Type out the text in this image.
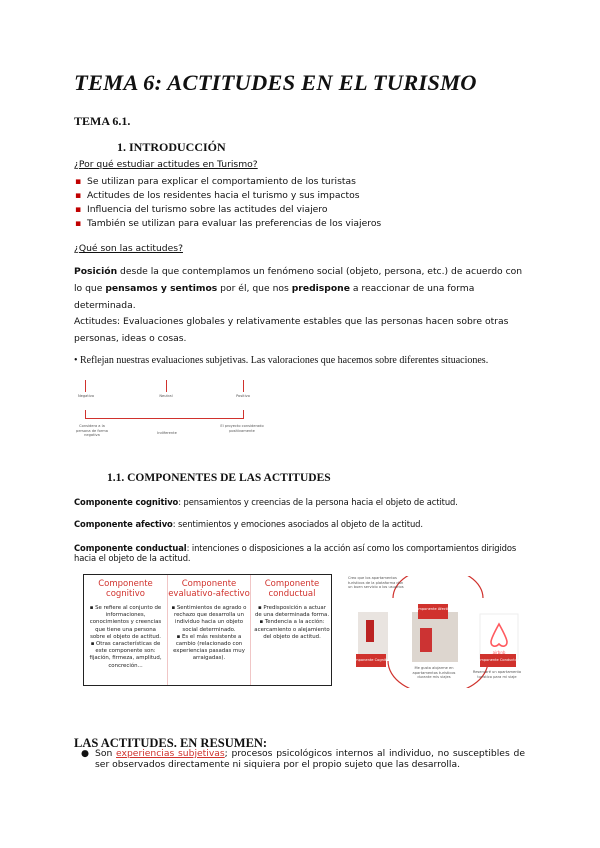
TEMA 6: ACTITUDES EN EL TURISMO
TEMA 6.1.
1. INTRODUCCIÓN
¿Por qué estudiar actitudes en Turismo?
▪ Se utilizan para explicar el comportamiento de los turistas
▪ Actitudes de los residentes hacia el turismo y sus impactos
▪ Influencia del turismo sobre las actitudes del viajero
▪ También se utilizan para evaluar las preferencias de los viajeros
¿Qué son las actitudes?
Posición desde la que contemplamos un fenómeno social (objeto, persona, etc.) de acuerdo con lo que pensamos y sentimos por él, que nos predispone a reaccionar de una forma determinada.
Actitudes: Evaluaciones globales y relativamente estables que las personas hacen sobre otras personas, ideas o cosas.
• Reflejan nuestras evaluaciones subjetivas. Las valoraciones que hacemos sobre diferentes situaciones.
Negativo	Neutral	Positivo
Considera a la persona de forma negativa	Indiferente
El proyecto considerado positivamente
1.1. COMPONENTES DE LAS ACTITUDES
Componente cognitivo: pensamientos y creencias de la persona hacia el objeto de actitud.
Componente afectivo: sentimientos y emociones asociados al objeto de la actitud.
Componente conductual: intenciones o disposiciones a la acción así como los comportamientos dirigidos hacia el objeto de la actitud.
Componente cognitivo
▪ Se refiere al conjunto de informaciones, conocimientos y creencias que tiene una persona sobre el objeto de actitud.
▪ Otras características de este componente son: fijación, firmeza, amplitud, concreción...
Componente evaluativo-afectivo
▪ Sentimientos de agrado o rechazo que desarrolla un individuo hacia un objeto social determinado.
▪ Es el más resistente a cambio (relacionado con experiencias pasadas muy arraigadas).
Componente conductual
▪ Predisposición a actuar de una determinada forma.
▪ Tendencia a la acción: acercamiento o alejamiento del objeto de actitud.
Componente Afectivo
Componente Cognitivo	Componente Conductual
airbnb
Creo que los apartamentos turísticos de la plataforma dan un buen servicio a los usuarios
Me gusta alojarme en apartamentos turísticos durante mis viajes
Reservaré un apartamento turístico para mi viaje
LAS ACTITUDES. EN RESUMEN:
● Son experiencias subjetivas; procesos psicológicos internos al individuo, no susceptibles de ser observados directamente ni siquiera por el propio sujeto que las desarrolla.
